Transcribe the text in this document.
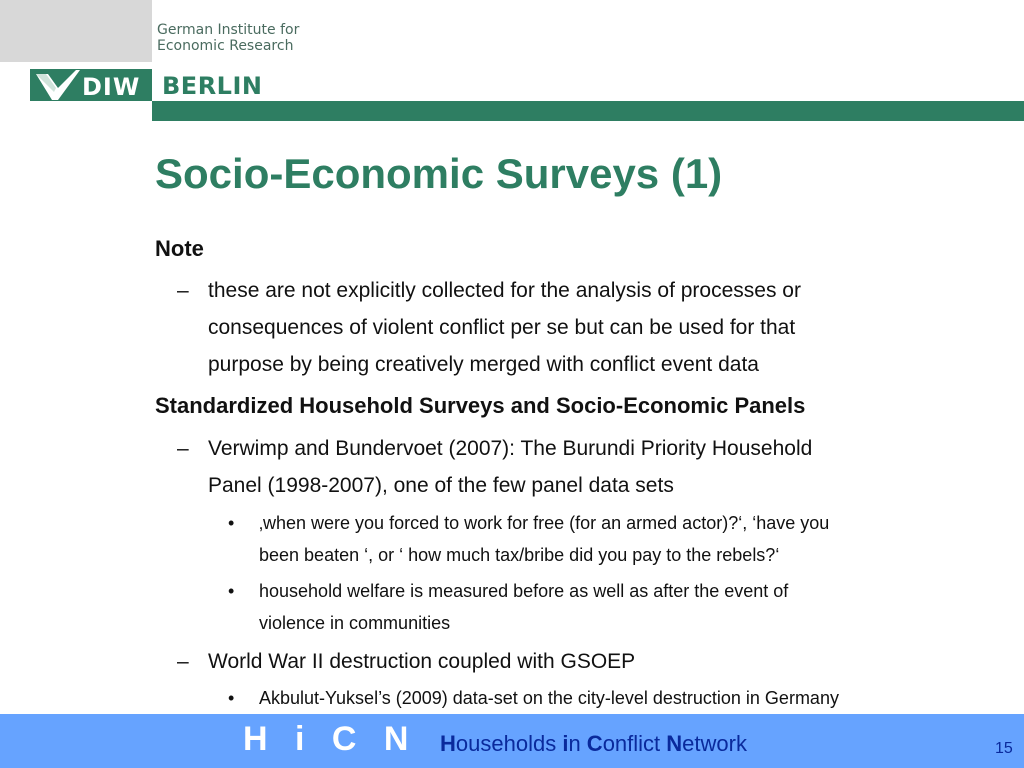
German Institute for
Economic Research
DIW BERLIN
Socio-Economic Surveys (1)
Note
– these are not explicitly collected for the analysis of processes or
consequences of violent conflict per se but can be used for that
purpose by being creatively merged with conflict event data
Standardized Household Surveys and Socio-Economic Panels
– Verwimp and Bundervoet (2007): The Burundi Priority Household
Panel (1998-2007), one of the few panel data sets
• ‚when were you forced to work for free (for an armed actor)?‘, ‘have you
been beaten ‘, or ‘ how much tax/bribe did you pay to the rebels?‘
• household welfare is measured before as well as after the event of
violence in communities
– World War II destruction coupled with GSOEP
• Akbulut-Yuksel’s (2009) data-set on the city-level destruction in Germany
H i C N Households in Conflict Network	15
